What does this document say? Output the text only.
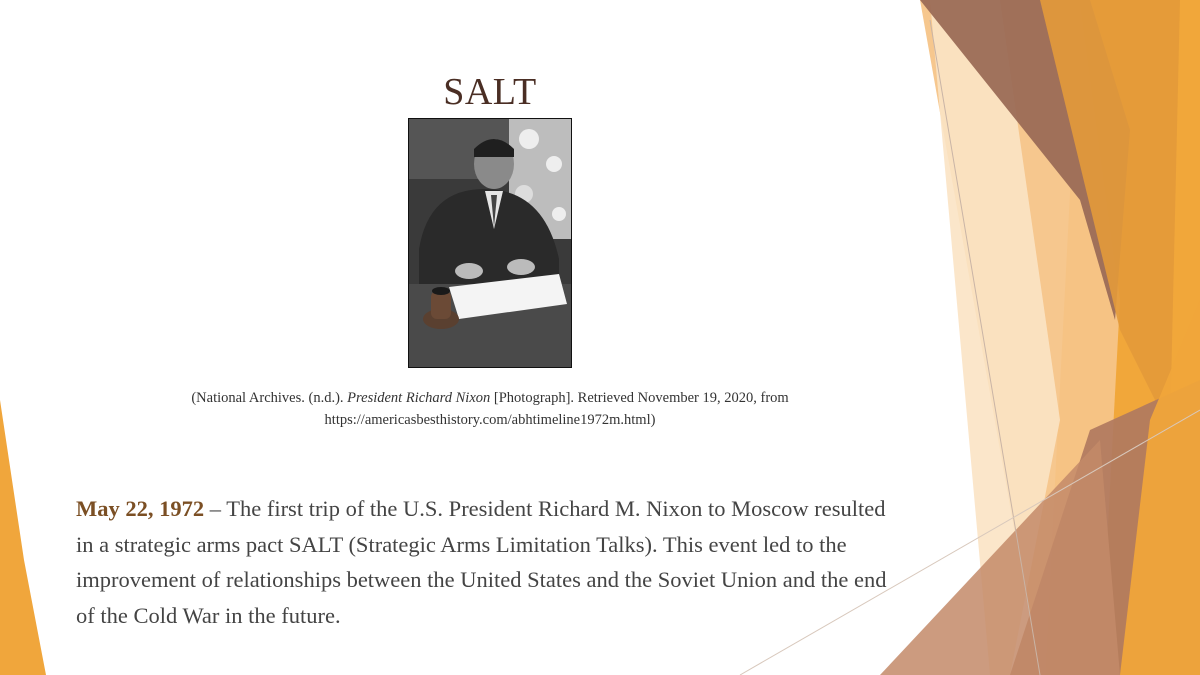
SALT
(National Archives. (n.d.). President Richard Nixon [Photograph]. Retrieved November 19, 2020, from
https://americasbesthistory.com/abhtimeline1972m.html)
May 22, 1972 – The first trip of the U.S. President Richard M. Nixon to Moscow resulted in a strategic arms pact SALT (Strategic Arms Limitation Talks). This event led to the improvement of relationships between the United States and the Soviet Union and the end of the Cold War in the future.
